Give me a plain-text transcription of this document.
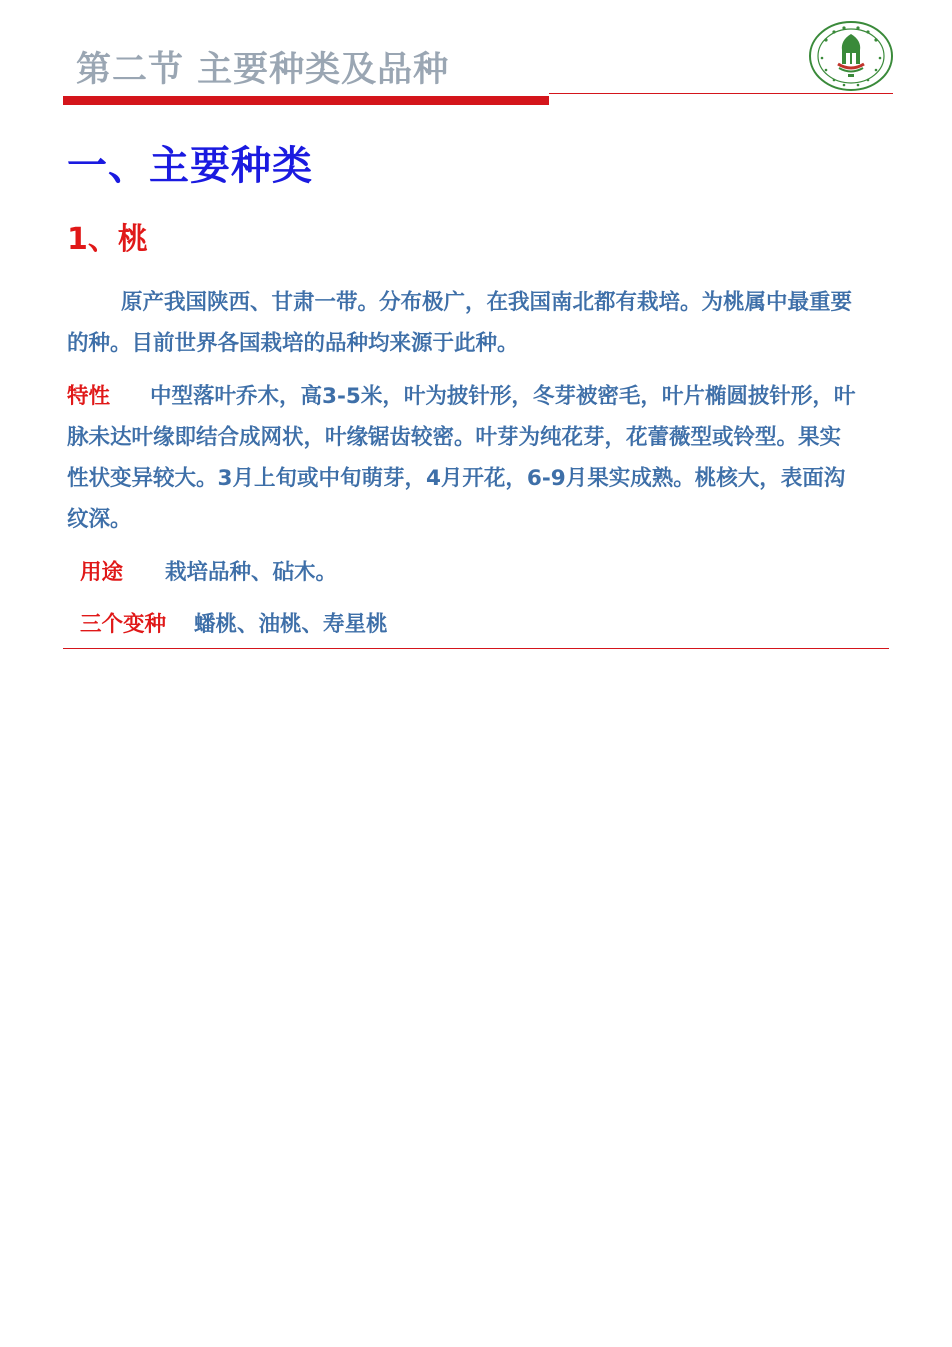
第二节 主要种类及品种
一、主要种类
1、桃

原产我国陕西、甘肃一带。分布极广，在我国南北都有栽培。为桃属中最重要的种。目前世界各国栽培的品种均来源于此种。

特性 中型落叶乔木，高3-5米，叶为披针形，冬芽被密毛，叶片椭圆披针形，叶脉未达叶缘即结合成网状，叶缘锯齿较密。叶芽为纯花芽，花蕾薇型或铃型。果实性状变异较大。3月上旬或中旬萌芽，4月开花，6-9月果实成熟。桃核大，表面沟纹深。

用途 栽培品种、砧木。
三个变种 蟠桃、油桃、寿星桃
